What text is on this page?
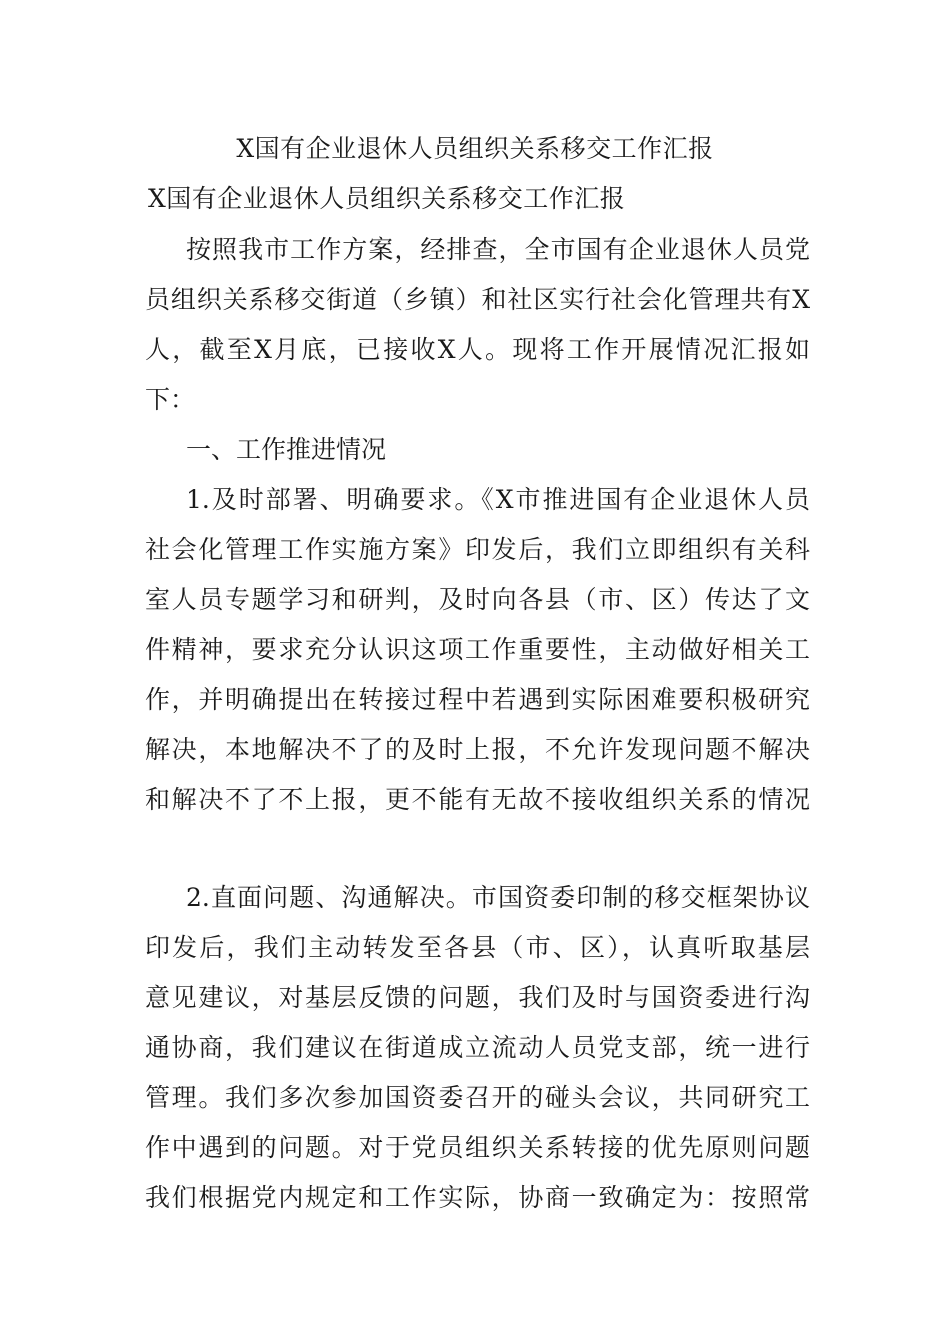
X国有企业退休人员组织关系移交工作汇报
X国有企业退休人员组织关系移交工作汇报
按照我市工作方案，经排查，全市国有企业退休人员党
员组织关系移交街道（乡镇）和社区实行社会化管理共有X
人，截至X月底，已接收X人。现将工作开展情况汇报如
下：
一、工作推进情况
1.及时部署、明确要求。《X市推进国有企业退休人员
社会化管理工作实施方案》印发后，我们立即组织有关科
室人员专题学习和研判，及时向各县（市、区）传达了文
件精神，要求充分认识这项工作重要性，主动做好相关工
作，并明确提出在转接过程中若遇到实际困难要积极研究
解决，本地解决不了的及时上报，不允许发现问题不解决
和解决不了不上报，更不能有无故不接收组织关系的情况
2.直面问题、沟通解决。市国资委印制的移交框架协议
印发后，我们主动转发至各县（市、区），认真听取基层
意见建议，对基层反馈的问题，我们及时与国资委进行沟
通协商，我们建议在街道成立流动人员党支部，统一进行
管理。我们多次参加国资委召开的碰头会议，共同研究工
作中遇到的问题。对于党员组织关系转接的优先原则问题
我们根据党内规定和工作实际，协商一致确定为：按照常
